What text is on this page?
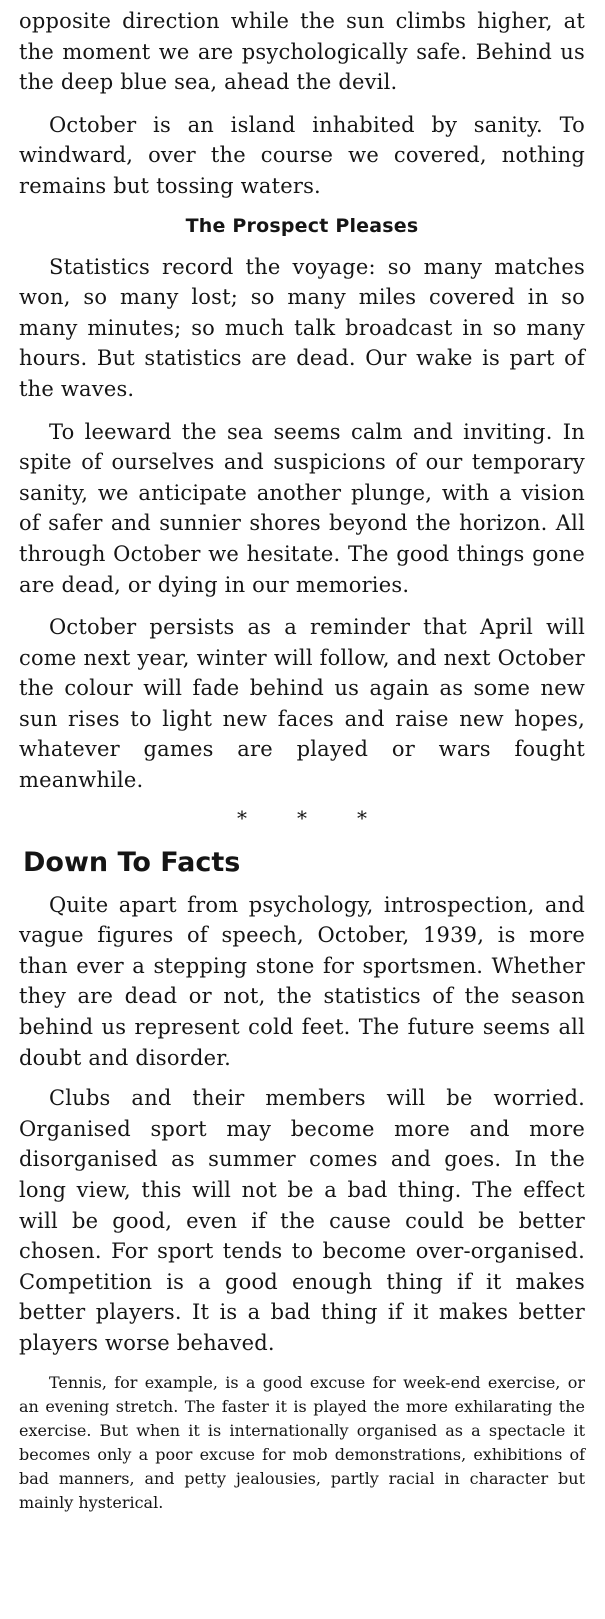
opposite direction while the sun climbs higher, at the moment we are psychologically safe. Behind us the deep blue sea, ahead the devil.

October is an island inhabited by sanity. To windward, over the course we covered, nothing remains but tossing waters.

The Prospect Pleases

Statistics record the voyage: so many matches won, so many lost; so many miles covered in so many minutes; so much talk broadcast in so many hours. But statistics are dead. Our wake is part of the waves.

To leeward the sea seems calm and inviting. In spite of ourselves and suspicions of our temporary sanity, we anticipate another plunge, with a vision of safer and sunnier shores beyond the horizon. All through October we hesitate. The good things gone are dead, or dying in our memories.

October persists as a reminder that April will come next year, winter will follow, and next October the colour will fade behind us again as some new sun rises to light new faces and raise new hopes, whatever games are played or wars fought meanwhile.

*	*	*
Down To Facts

Quite apart from psychology, introspection, and vague figures of speech, October, 1939, is more than ever a stepping stone for sportsmen. Whether they are dead or not, the statistics of the season behind us represent cold feet. The future seems all doubt and disorder.

Clubs and their members will be worried. Organised sport may become more and more disorganised as summer comes and goes. In the long view, this will not be a bad thing. The effect will be good, even if the cause could be better chosen. For sport tends to become over-organised. Competition is a good enough thing if it makes better players. It is a bad thing if it makes better players worse behaved.

Tennis, for example, is a good excuse for week-end exercise, or an evening stretch. The faster it is played the more exhilarating the exercise. But when it is internationally organised as a spectacle it becomes only a poor excuse for mob demonstrations, exhibitions of bad manners, and petty jealousies, partly racial in character but mainly hysterical.
